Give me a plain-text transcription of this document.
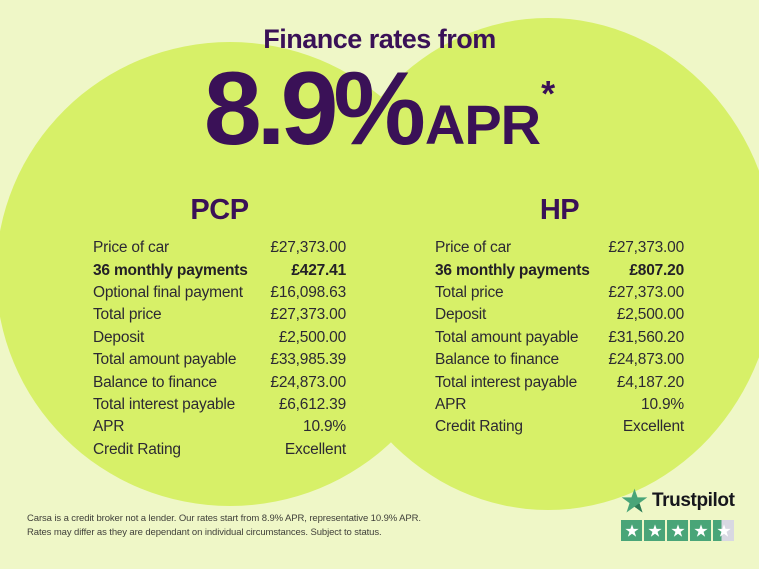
Finance rates from
8.9% APR *
PCP	HP
Price of car	£27,373.00
36 monthly payments	£427.41
Optional final payment £16,098.63
Total price	£27,373.00
Deposit	£2,500.00
Total amount payable £33,985.39
Balance to finance	£24,873.00
Total interest payable	£6,612.39
APR	10.9%
Credit Rating	Excellent
Price of car	£27,373.00
36 monthly payments	£807.20
Total price	£27,373.00
Deposit	£2,500.00
Total amount payable £31,560.20
Balance to finance	£24,873.00
Total interest payable	£4,187.20
APR	10.9%
Credit Rating	Excellent
Carsa is a credit broker not a lender. Our rates start from 8.9% APR, representative 10.9% APR.
Rates may differ as they are dependant on individual circumstances. Subject to status.
Trustpilot
